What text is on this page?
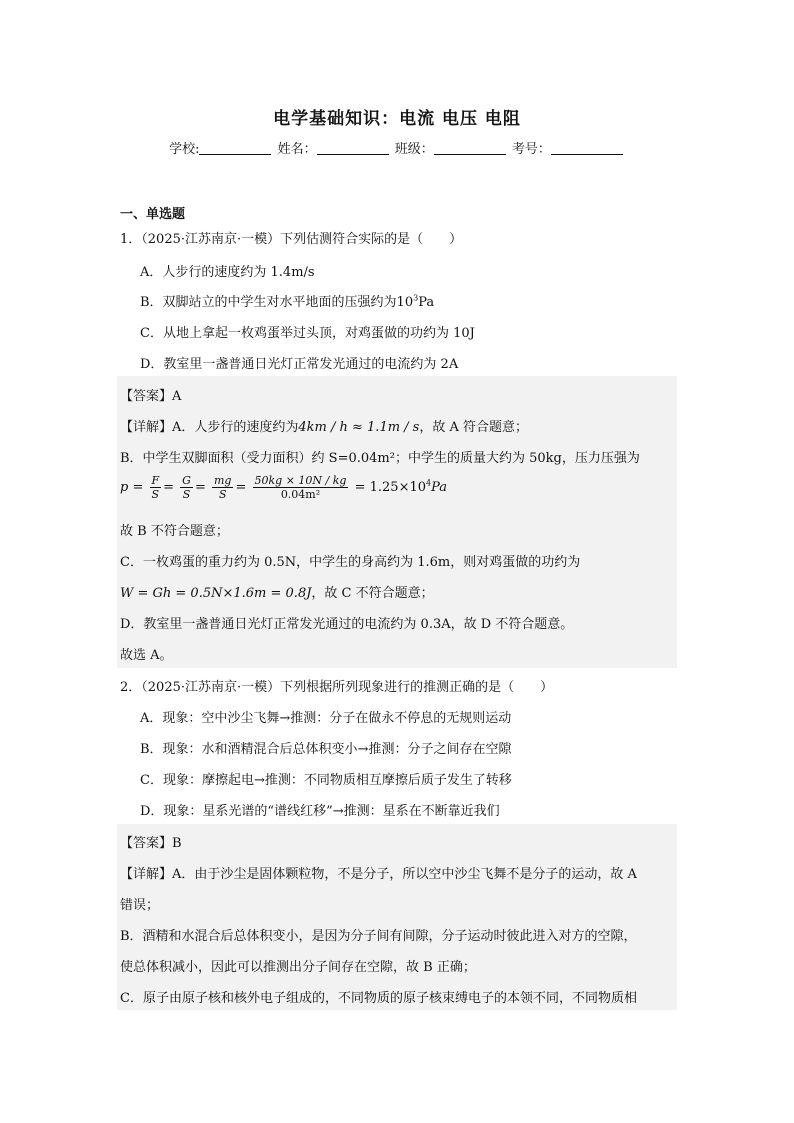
电学基础知识：电流 电压 电阻
学校:	姓名：	班级：	考号：
一、单选题
1．（2025·江苏南京·一模）下列估测符合实际的是（　　）
A．人步行的速度约为 1.4m/s
B．双脚站立的中学生对水平地面的压强约为$10^3Pa$
C．从地上拿起一枚鸡蛋举过头顶，对鸡蛋做的功约为 10J
D．教室里一盏普通日光灯正常发光通过的电流约为 2A
【答案】A
【详解】A．人步行的速度约为4km / h ≈ 1.1m / s，故 A 符合题意；
B．中学生双脚面积（受力面积）约 S=0.04m²；中学生的质量大约为 50kg，压力压强为
$p = \frac{F}{S} = \frac{G}{S} = \frac{mg}{S} = \frac{50kg \times 10N / kg}{\text{0.04m²}} = 1.25\times 10^4Pa$
故 B 不符合题意；
C．一枚鸡蛋的重力约为 0.5N，中学生的身高约为 1.6m，则对鸡蛋做的功约为
W = Gh = 0.5N×1.6m = 0.8J，故 C 不符合题意；
D．教室里一盏普通日光灯正常发光通过的电流约为 0.3A，故 D 不符合题意。
故选 A。
2．（2025·江苏南京·一模）下列根据所列现象进行的推测正确的是（　　）
A．现象：空中沙尘飞舞→推测：分子在做永不停息的无规则运动
B．现象：水和酒精混合后总体积变小→推测：分子之间存在空隙
C．现象：摩擦起电→推测：不同物质相互摩擦后质子发生了转移
D．现象：星系光谱的“谱线红移”→推测：星系在不断靠近我们
【答案】B
【详解】A．由于沙尘是固体颗粒物，不是分子，所以空中沙尘飞舞不是分子的运动，故 A
错误；
B．酒精和水混合后总体积变小，是因为分子间有间隙，分子运动时彼此进入对方的空隙，
使总体积减小，因此可以推测出分子间存在空隙，故 B 正确；
C．原子由原子核和核外电子组成的，不同物质的原子核束缚电子的本领不同，不同物质相
